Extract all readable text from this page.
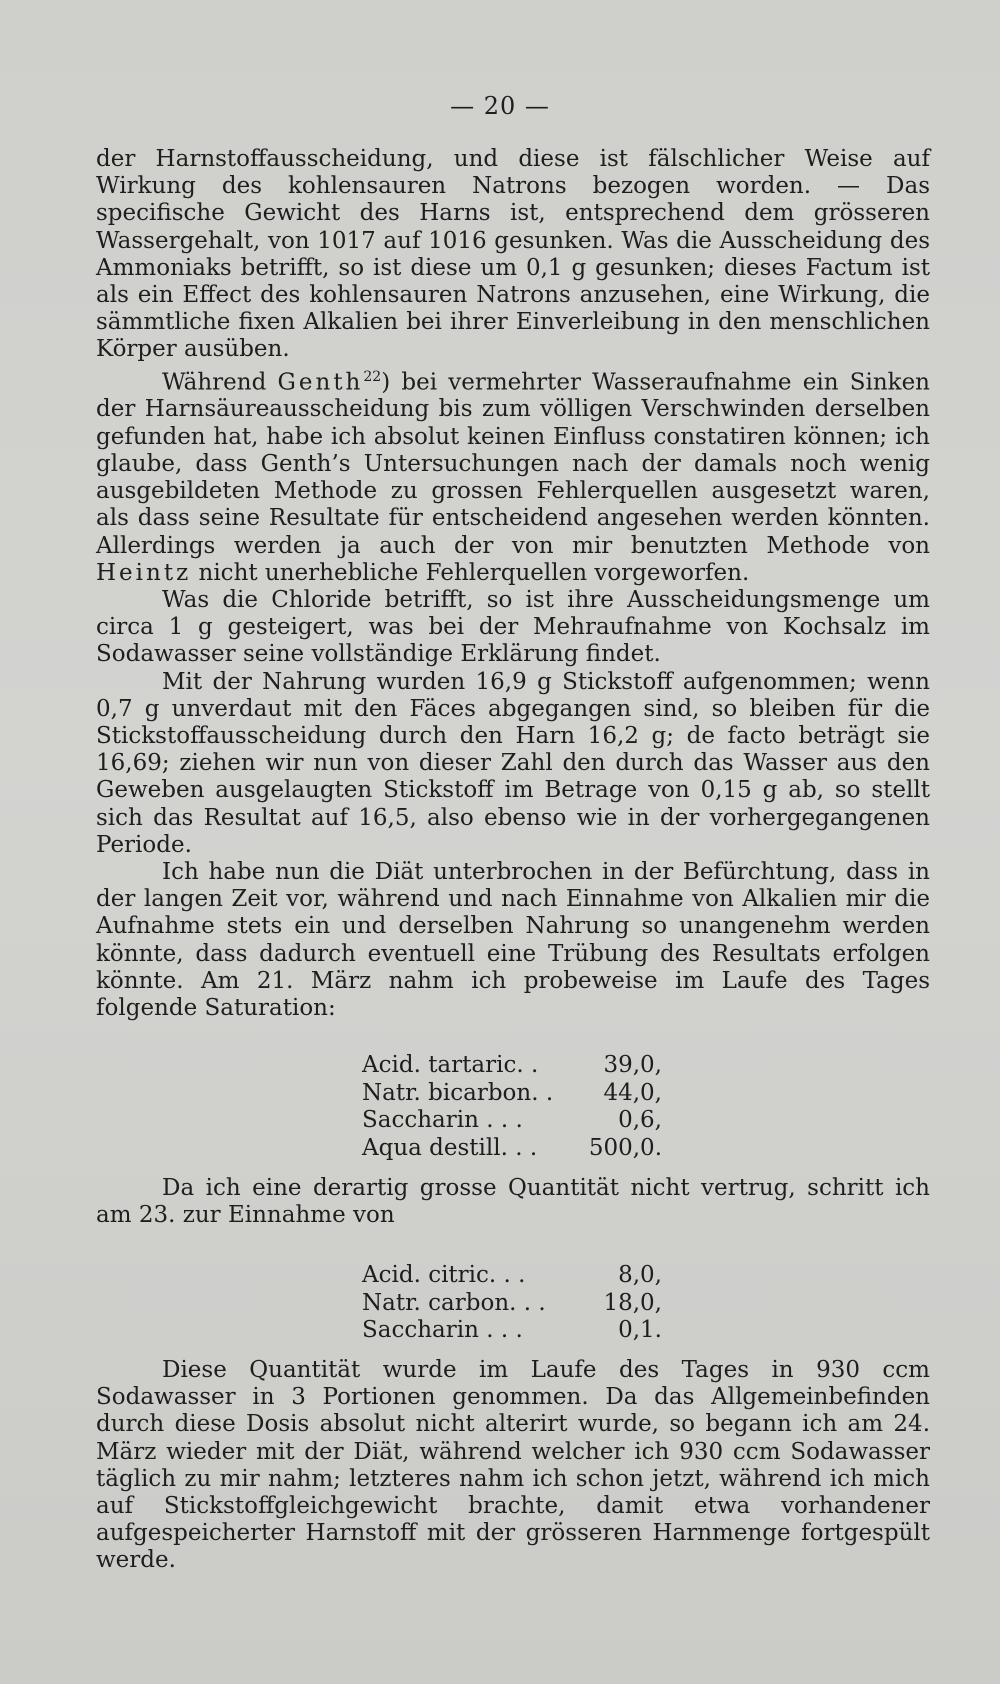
— 20 —

der Harnstoffausscheidung, und diese ist fälschlicher Weise auf Wirkung des kohlensauren Natrons bezogen worden. — Das specifische Gewicht des Harns ist, entsprechend dem grösseren Wassergehalt, von 1017 auf 1016 gesunken. Was die Ausscheidung des Ammoniaks betrifft, so ist diese um 0,1 g gesunken; dieses Factum ist als ein Effect des kohlensauren Natrons anzusehen, eine Wirkung, die sämmtliche fixen Alkalien bei ihrer Einverleibung in den menschlichen Körper ausüben.

Während Genth$^{22}$) bei vermehrter Wasseraufnahme ein Sinken der Harnsäureausscheidung bis zum völligen Verschwinden derselben gefunden hat, habe ich absolut keinen Einfluss constatiren können; ich glaube, dass Genth’s Untersuchungen nach der damals noch wenig ausgebildeten Methode zu grossen Fehlerquellen ausgesetzt waren, als dass seine Resultate für entscheidend angesehen werden könnten. Allerdings werden ja auch der von mir benutzten Methode von Heintz nicht unerhebliche Fehlerquellen vorgeworfen.

Was die Chloride betrifft, so ist ihre Ausscheidungsmenge um circa 1 g gesteigert, was bei der Mehraufnahme von Kochsalz im Sodawasser seine vollständige Erklärung findet.

Mit der Nahrung wurden 16,9 g Stickstoff aufgenommen; wenn 0,7 g unverdaut mit den Fäces abgegangen sind, so bleiben für die Stickstoffausscheidung durch den Harn 16,2 g; de facto beträgt sie 16,69; ziehen wir nun von dieser Zahl den durch das Wasser aus den Geweben ausgelaugten Stickstoff im Betrage von 0,15 g ab, so stellt sich das Resultat auf 16,5, also ebenso wie in der vorhergegangenen Periode.

Ich habe nun die Diät unterbrochen in der Befürchtung, dass in der langen Zeit vor, während und nach Einnahme von Alkalien mir die Aufnahme stets ein und derselben Nahrung so unangenehm werden könnte, dass dadurch eventuell eine Trübung des Resultats erfolgen könnte. Am 21. März nahm ich probeweise im Laufe des Tages folgende Saturation:

Acid. tartaric. .	39,0,
Natr. bicarbon. . 44,0,
Saccharin . . .	0,6,
Aqua destill. . . 500,0.

Da ich eine derartig grosse Quantität nicht vertrug, schritt ich am 23. zur Einnahme von

Acid. citric. . .	8,0,
Natr. carbon. . .	18,0,
Saccharin . . .	0,1.

Diese Quantität wurde im Laufe des Tages in 930 ccm Sodawasser in 3 Portionen genommen. Da das Allgemeinbefinden durch diese Dosis absolut nicht alterirt wurde, so begann ich am 24. März wieder mit der Diät, während welcher ich 930 ccm Sodawasser täglich zu mir nahm; letzteres nahm ich schon jetzt, während ich mich auf Stickstoffgleichgewicht brachte, damit etwa vorhandener aufgespeicherter Harnstoff mit der grösseren Harnmenge fortgespült werde.
